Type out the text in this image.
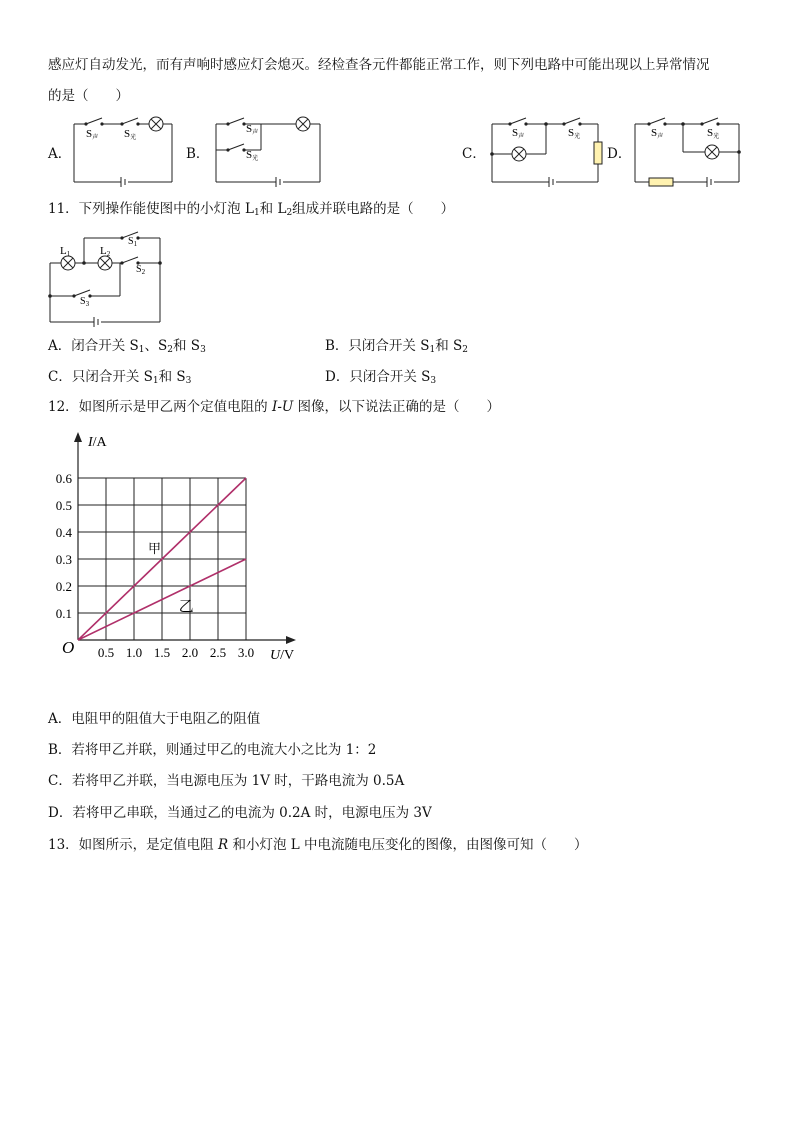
感应灯自动发光，而有声响时感应灯会熄灭。经检查各元件都能正常工作，则下列电路中可能出现以上异常情况
的是（　　）
A．	B．	C．	D．
S声 S光
S声
S光
S声	S光	S声	S光
11．下列操作能使图中的小灯泡 $L_1$和 $L_2$组成并联电路的是（　　）
L1	L2
$S_1$
$S_2$
$S_3$
A．闭合开关 $S_1$、$S_2$和 $S_3$	B．只闭合开关 $S_1$和 $S_2$
C．只闭合开关 $S_1$和 $S_3$	D．只闭合开关 $S_3$
12．如图所示是甲乙两个定值电阻的 I-U 图像，以下说法正确的是（　　）
0.5 1.0 1.5 2.0 2.5 3.0
0.1
0.2
0.3
0.4
0.5
0.6
O
I/A
U/V
甲
乙
A．电阻甲的阻值大于电阻乙的阻值
B．若将甲乙并联，则通过甲乙的电流大小之比为 1：2
C．若将甲乙并联，当电源电压为 1V 时，干路电流为 0.5A
D．若将甲乙串联，当通过乙的电流为 0.2A 时，电源电压为 3V
13．如图所示，是定值电阻 R 和小灯泡 L 中电流随电压变化的图像，由图像可知（　　）
